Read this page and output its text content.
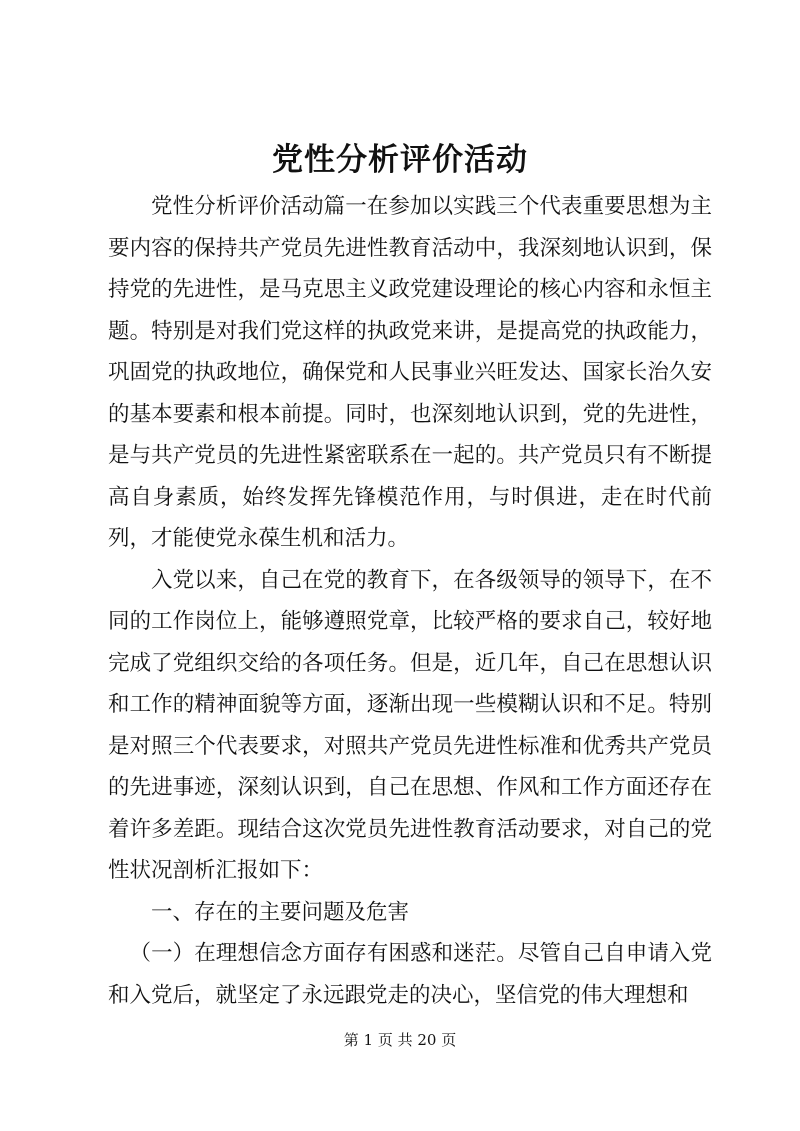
党性分析评价活动

党性分析评价活动篇一在参加以实践三个代表重要思想为主要内容的保持共产党员先进性教育活动中，我深刻地认识到，保持党的先进性，是马克思主义政党建设理论的核心内容和永恒主题。特别是对我们党这样的执政党来讲，是提高党的执政能力，巩固党的执政地位，确保党和人民事业兴旺发达、国家长治久安的基本要素和根本前提。同时，也深刻地认识到，党的先进性，是与共产党员的先进性紧密联系在一起的。共产党员只有不断提高自身素质，始终发挥先锋模范作用，与时俱进，走在时代前列，才能使党永葆生机和活力。

入党以来，自己在党的教育下，在各级领导的领导下，在不同的工作岗位上，能够遵照党章，比较严格的要求自己，较好地完成了党组织交给的各项任务。但是，近几年，自己在思想认识和工作的精神面貌等方面，逐渐出现一些模糊认识和不足。特别是对照三个代表要求，对照共产党员先进性标准和优秀共产党员的先进事迹，深刻认识到，自己在思想、作风和工作方面还存在着许多差距。现结合这次党员先进性教育活动要求，对自己的党性状况剖析汇报如下：

一、存在的主要问题及危害

（一）在理想信念方面存有困惑和迷茫。尽管自己自申请入党和入党后，就坚定了永远跟党走的决心，坚信党的伟大理想和

第 1 页 共 20 页
